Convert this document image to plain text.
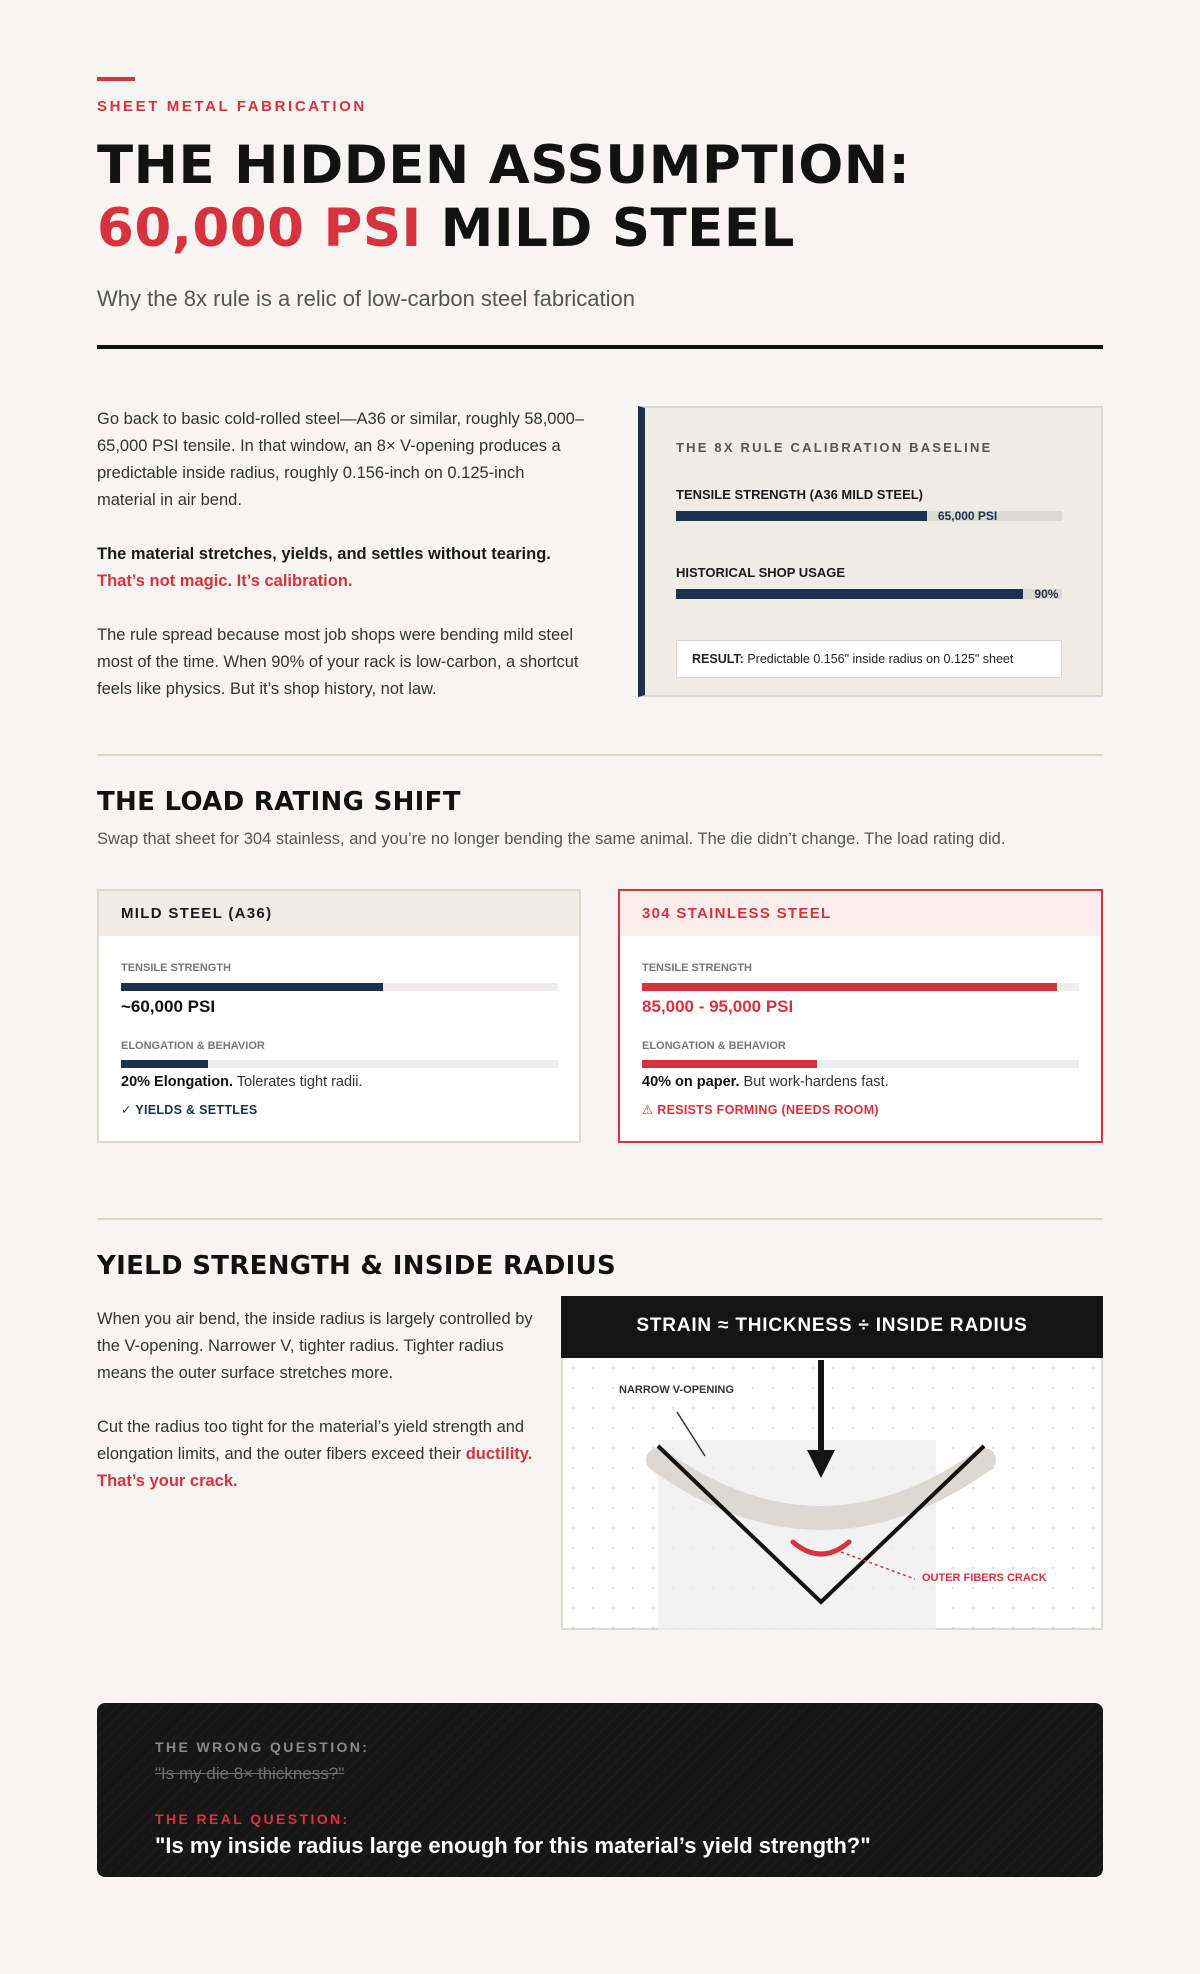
SHEET METAL FABRICATION
THE HIDDEN ASSUMPTION:
60,000 PSI MILD STEEL
Why the 8x rule is a relic of low-carbon steel fabrication

Go back to basic cold-rolled steel—A36 or similar, roughly 58,000–65,000 PSI tensile. In that window, an 8× V-opening produces a predictable inside radius, roughly 0.156-inch on 0.125-inch material in air bend.

The material stretches, yields, and settles without tearing.
That’s not magic. It’s calibration.

The rule spread because most job shops were bending mild steel most of the time. When 90% of your rack is low-carbon, a shortcut feels like physics. But it’s shop history, not law.

THE 8X RULE CALIBRATION BASELINE
TENSILE STRENGTH (A36 MILD STEEL)
65,000 PSI
HISTORICAL SHOP USAGE
90%
RESULT: Predictable 0.156" inside radius on 0.125" sheet
THE LOAD RATING SHIFT
Swap that sheet for 304 stainless, and you’re no longer bending the same animal. The die didn’t change. The load rating did.
MILD STEEL (A36)
TENSILE STRENGTH
~60,000 PSI
ELONGATION & BEHAVIOR
20% Elongation. Tolerates tight radii.
✓ YIELDS & SETTLES
304 STAINLESS STEEL
TENSILE STRENGTH
85,000 - 95,000 PSI
ELONGATION & BEHAVIOR
40% on paper. But work-hardens fast.
⚠ RESISTS FORMING (NEEDS ROOM)
YIELD STRENGTH & INSIDE RADIUS

When you air bend, the inside radius is largely controlled by the V-opening. Narrower V, tighter radius. Tighter radius means the outer surface stretches more.

Cut the radius too tight for the material’s yield strength and elongation limits, and the outer fibers exceed their ductility. That’s your crack.

STRAIN ≈ THICKNESS ÷ INSIDE RADIUS
NARROW V-OPENING
OUTER FIBERS CRACK
THE WRONG QUESTION:
"Is my die 8× thickness?"
THE REAL QUESTION:
"Is my inside radius large enough for this material’s yield strength?"
